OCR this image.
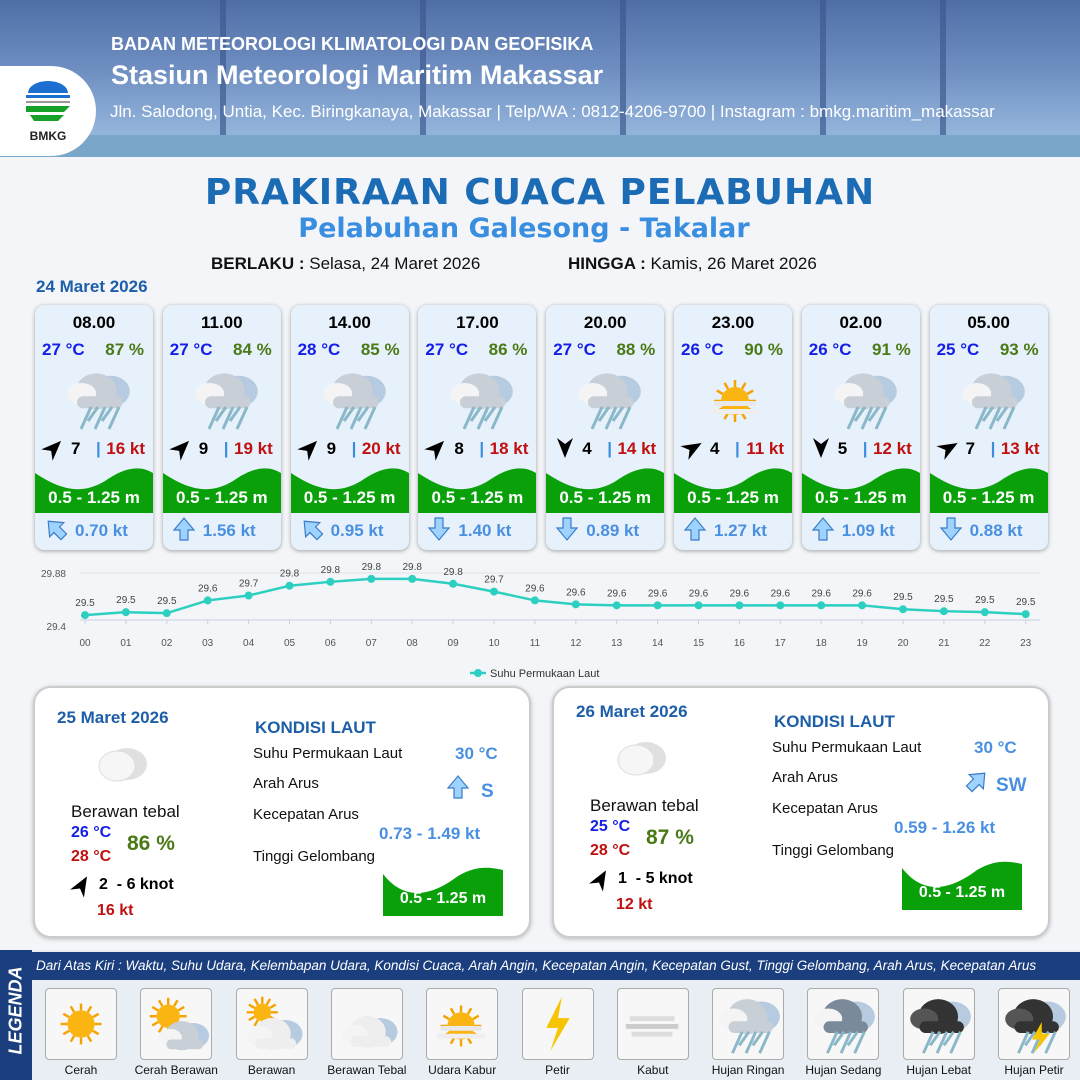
BMKG
BADAN METEOROLOGI KLIMATOLOGI DAN GEOFISIKA
Stasiun Meteorologi Maritim Makassar
Jln. Salodong, Untia, Kec. Biringkanaya, Makassar | Telp/WA : 0812-4206-9700 | Instagram : bmkg.maritim_makassar
PRAKIRAAN CUACA PELABUHAN
Pelabuhan Galesong - Takalar
BERLAKU : Selasa, 24 Maret 2026	HINGGA : Kamis, 26 Maret 2026
24 Maret 2026
08.00
27 °C 87 %
7 | 16 kt
0.5 - 1.25 m
0.70 kt
11.00
27 °C 84 %
9 | 19 kt
0.5 - 1.25 m
1.56 kt
14.00
28 °C 85 %
9 | 20 kt
0.5 - 1.25 m
0.95 kt
17.00
27 °C 86 %
8 | 18 kt
0.5 - 1.25 m
1.40 kt
20.00
27 °C 88 %
4 | 14 kt
0.5 - 1.25 m
0.89 kt
23.00
26 °C 90 %
4 | 11 kt
0.5 - 1.25 m
1.27 kt
02.00
26 °C 91 %
5 | 12 kt
0.5 - 1.25 m
1.09 kt
05.00
25 °C 93 %
7 | 13 kt
0.5 - 1.25 m
0.88 kt
29.88
29.4
29.5
00
29.5
01
29.5
02
29.6
03
29.7
04
29.8
05
29.8
06
29.8
07
29.8
08
29.8
09
29.7
10
29.6
11
29.6
12
29.6
13
29.6
14
29.6
15
29.6
16
29.6
17
29.6
18
29.6
19
29.5
20
29.5
21
29.5
22
29.5
23
Suhu Permukaan Laut
25 Maret 2026
Berawan tebal
26 °C
28 °C
86 %
2  - 6 knot
16 kt
KONDISI LAUT
Suhu Permukaan Laut	30 °C
Arah Arus	S
Kecepatan Arus
0.73 - 1.49 kt
Tinggi Gelombang
0.5 - 1.25 m
26 Maret 2026
Berawan tebal
25 °C
28 °C
87 %
1  - 5 knot
12 kt
KONDISI LAUT
Suhu Permukaan Laut	30 °C
Arah Arus	SW
Kecepatan Arus
0.59 - 1.26 kt
Tinggi Gelombang
0.5 - 1.25 m
LEGENDA
Dari Atas Kiri : Waktu, Suhu Udara, Kelembapan Udara, Kondisi Cuaca, Arah Angin, Kecepatan Angin, Kecepatan Gust, Tinggi Gelombang, Arah Arus, Kecepatan Arus
Cerah	Cerah Berawan	Berawan	Berawan Tebal	Udara Kabur	Petir	Kabut	Hujan Ringan	Hujan Sedang	Hujan Lebat	Hujan Petir
